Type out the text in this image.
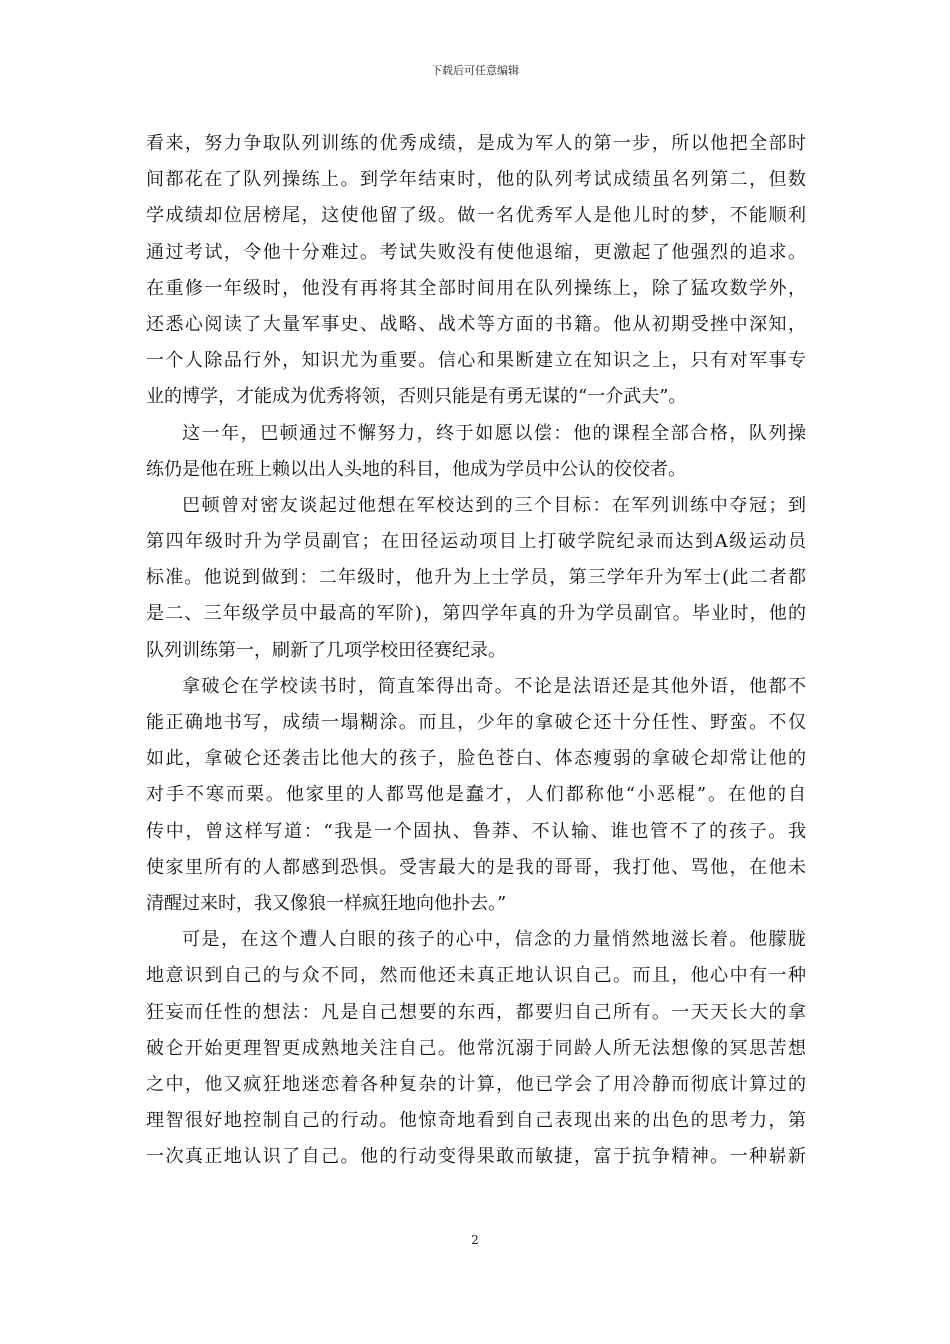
下载后可任意编辑
看来，努力争取队列训练的优秀成绩，是成为军人的第一步，所以他把全部时
间都花在了队列操练上。到学年结束时，他的队列考试成绩虽名列第二，但数
学成绩却位居榜尾，这使他留了级。做一名优秀军人是他儿时的梦，不能顺利
通过考试，令他十分难过。考试失败没有使他退缩，更激起了他强烈的追求。
在重修一年级时，他没有再将其全部时间用在队列操练上，除了猛攻数学外，
还悉心阅读了大量军事史、战略、战术等方面的书籍。他从初期受挫中深知，
一个人除品行外，知识尤为重要。信心和果断建立在知识之上，只有对军事专
业的博学，才能成为优秀将领，否则只能是有勇无谋的“一介武夫”。
这一年，巴顿通过不懈努力，终于如愿以偿：他的课程全部合格，队列操
练仍是他在班上赖以出人头地的科目，他成为学员中公认的佼佼者。
巴顿曾对密友谈起过他想在军校达到的三个目标：在军列训练中夺冠；到
第四年级时升为学员副官；在田径运动项目上打破学院纪录而达到A级运动员
标准。他说到做到：二年级时，他升为上士学员，第三学年升为军士(此二者都
是二、三年级学员中最高的军阶)，第四学年真的升为学员副官。毕业时，他的
队列训练第一，刷新了几项学校田径赛纪录。
拿破仑在学校读书时，简直笨得出奇。不论是法语还是其他外语，他都不
能正确地书写，成绩一塌糊涂。而且，少年的拿破仑还十分任性、野蛮。不仅
如此，拿破仑还袭击比他大的孩子，脸色苍白、体态瘦弱的拿破仑却常让他的
对手不寒而栗。他家里的人都骂他是蠢才，人们都称他“小恶棍”。在他的自
传中，曾这样写道：“我是一个固执、鲁莽、不认输、谁也管不了的孩子。我
使家里所有的人都感到恐惧。受害最大的是我的哥哥，我打他、骂他，在他未
清醒过来时，我又像狼一样疯狂地向他扑去。”
可是，在这个遭人白眼的孩子的心中，信念的力量悄然地滋长着。他朦胧
地意识到自己的与众不同，然而他还未真正地认识自己。而且，他心中有一种
狂妄而任性的想法：凡是自己想要的东西，都要归自己所有。一天天长大的拿
破仑开始更理智更成熟地关注自己。他常沉溺于同龄人所无法想像的冥思苦想
之中，他又疯狂地迷恋着各种复杂的计算，他已学会了用冷静而彻底计算过的
理智很好地控制自己的行动。他惊奇地看到自己表现出来的出色的思考力，第
一次真正地认识了自己。他的行动变得果敢而敏捷，富于抗争精神。一种崭新
2
